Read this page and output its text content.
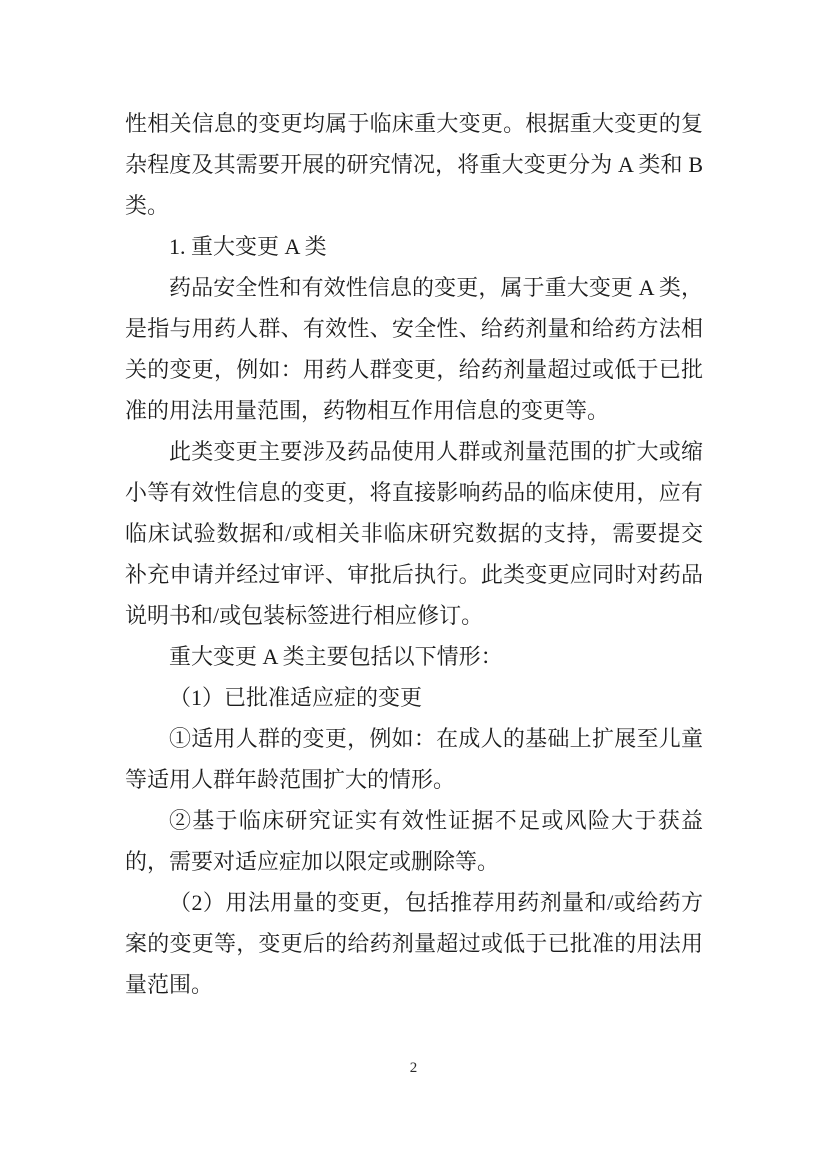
性相关信息的变更均属于临床重大变更。根据重大变更的复杂程度及其需要开展的研究情况，将重大变更分为 A 类和 B 类。

1. 重大变更 A 类

药品安全性和有效性信息的变更，属于重大变更 A 类，是指与用药人群、有效性、安全性、给药剂量和给药方法相关的变更，例如：用药人群变更，给药剂量超过或低于已批准的用法用量范围，药物相互作用信息的变更等。

此类变更主要涉及药品使用人群或剂量范围的扩大或缩小等有效性信息的变更，将直接影响药品的临床使用，应有临床试验数据和/或相关非临床研究数据的支持，需要提交补充申请并经过审评、审批后执行。此类变更应同时对药品说明书和/或包装标签进行相应修订。

重大变更 A 类主要包括以下情形：

（1）已批准适应症的变更

①适用人群的变更，例如：在成人的基础上扩展至儿童等适用人群年龄范围扩大的情形。

②基于临床研究证实有效性证据不足或风险大于获益的，需要对适应症加以限定或删除等。

（2）用法用量的变更，包括推荐用药剂量和/或给药方案的变更等，变更后的给药剂量超过或低于已批准的用法用量范围。

2
